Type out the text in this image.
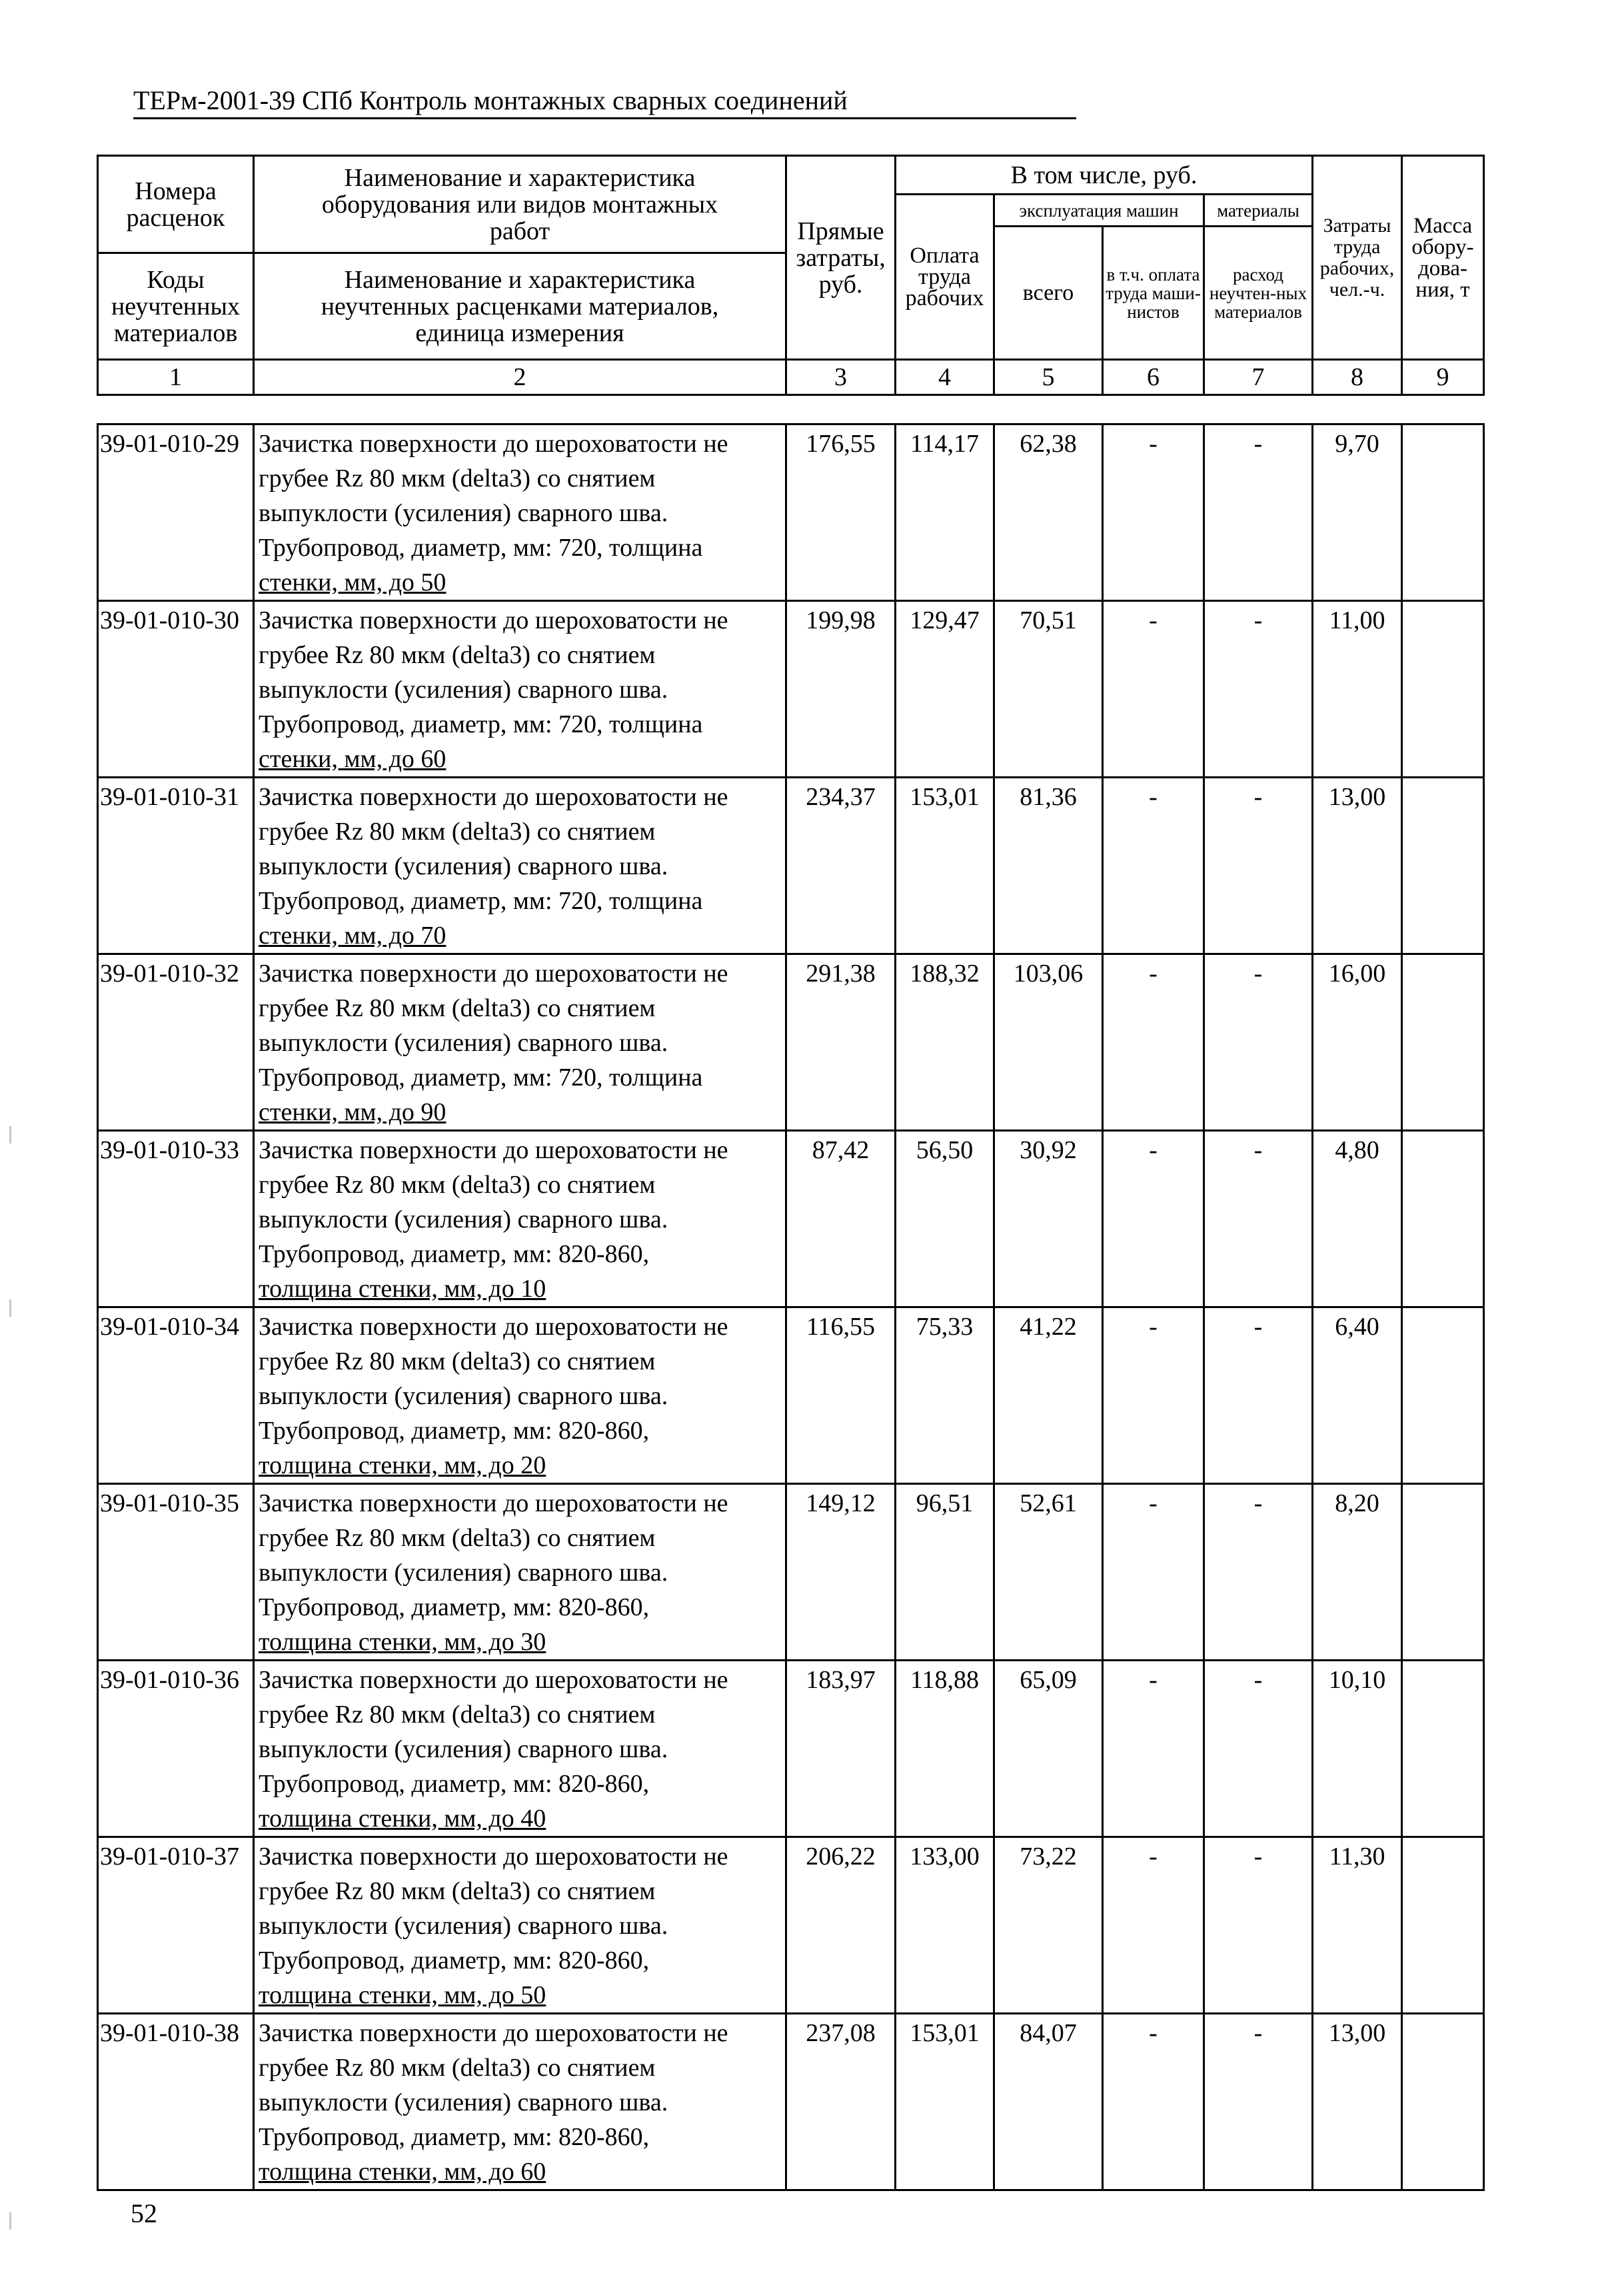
ТЕРм-2001-39 СПб Контроль монтажных сварных соединений
Номера расценок	Наименование и характеристика оборудования или видов монтажных работ	Прямые затраты, руб.	В том числе, руб.				Затраты труда рабочих, чел.-ч.	Масса обору-дова-ния, т
			Оплата труда рабочих	эксплуатация машин		материалы		
				всего	в т.ч. оплата труда маши-нистов	расход неучтен-ных материалов		
Коды неучтенных материалов	Наименование и характеристика неучтенных расценками материалов, единица измерения							

1	2	3	4	5	6	7	8	9
39-01-010-29	Зачистка поверхности до шероховатости не
грубее Rz 80 мкм (delta3) со снятием
выпуклости (усиления) сварного шва.
Трубопровод, диаметр, мм: 720, толщина
стенки, мм, до 50	176,55	114,17	62,38	-	-	9,70	
39-01-010-30	Зачистка поверхности до шероховатости не
грубее Rz 80 мкм (delta3) со снятием
выпуклости (усиления) сварного шва.
Трубопровод, диаметр, мм: 720, толщина
стенки, мм, до 60	199,98	129,47	70,51	-	-	11,00	
39-01-010-31	Зачистка поверхности до шероховатости не
грубее Rz 80 мкм (delta3) со снятием
выпуклости (усиления) сварного шва.
Трубопровод, диаметр, мм: 720, толщина
стенки, мм, до 70	234,37	153,01	81,36	-	-	13,00	
39-01-010-32	Зачистка поверхности до шероховатости не
грубее Rz 80 мкм (delta3) со снятием
выпуклости (усиления) сварного шва.
Трубопровод, диаметр, мм: 720, толщина
стенки, мм, до 90	291,38	188,32	103,06	-	-	16,00	
39-01-010-33	Зачистка поверхности до шероховатости не
грубее Rz 80 мкм (delta3) со снятием
выпуклости (усиления) сварного шва.
Трубопровод, диаметр, мм: 820-860,
толщина стенки, мм, до 10	87,42	56,50	30,92	-	-	4,80	
39-01-010-34	Зачистка поверхности до шероховатости не
грубее Rz 80 мкм (delta3) со снятием
выпуклости (усиления) сварного шва.
Трубопровод, диаметр, мм: 820-860,
толщина стенки, мм, до 20	116,55	75,33	41,22	-	-	6,40	
39-01-010-35	Зачистка поверхности до шероховатости не
грубее Rz 80 мкм (delta3) со снятием
выпуклости (усиления) сварного шва.
Трубопровод, диаметр, мм: 820-860,
толщина стенки, мм, до 30	149,12	96,51	52,61	-	-	8,20	
39-01-010-36	Зачистка поверхности до шероховатости не
грубее Rz 80 мкм (delta3) со снятием
выпуклости (усиления) сварного шва.
Трубопровод, диаметр, мм: 820-860,
толщина стенки, мм, до 40	183,97	118,88	65,09	-	-	10,10	
39-01-010-37	Зачистка поверхности до шероховатости не
грубее Rz 80 мкм (delta3) со снятием
выпуклости (усиления) сварного шва.
Трубопровод, диаметр, мм: 820-860,
толщина стенки, мм, до 50	206,22	133,00	73,22	-	-	11,30	
39-01-010-38	Зачистка поверхности до шероховатости не
грубее Rz 80 мкм (delta3) со снятием
выпуклости (усиления) сварного шва.
Трубопровод, диаметр, мм: 820-860,
толщина стенки, мм, до 60	237,08	153,01	84,07	-	-	13,00	
52
